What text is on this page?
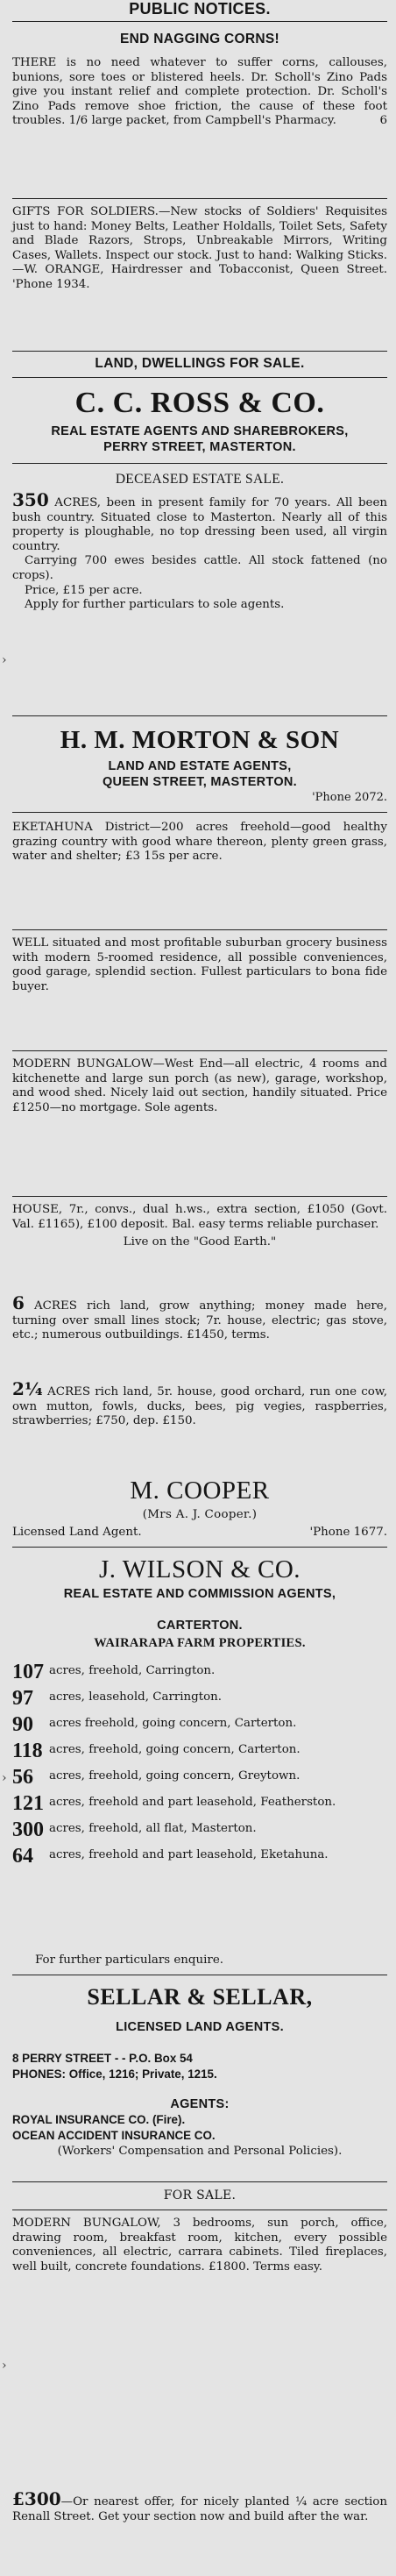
PUBLIC NOTICES.
END NAGGING CORNS!

THERE is no need whatever to suffer corns, callouses, bunions, sore toes or blistered heels. Dr. Scholl's Zino Pads give you instant relief and complete protection. Dr. Scholl's Zino Pads remove shoe friction, the cause of these foot troubles. 1/6 large packet, from Campbell's Pharmacy.	6

GIFTS FOR SOLDIERS.—New stocks of Soldiers' Requisites just to hand: Money Belts, Leather Holdalls, Toilet Sets, Safety and Blade Razors, Strops, Unbreakable Mirrors, Writing Cases, Wallets. Inspect our stock. Just to hand: Walking Sticks.—W. ORANGE, Hairdresser and Tobacconist, Queen Street. 'Phone 1934.

LAND, DWELLINGS FOR SALE.
C. C. ROSS & CO.
REAL ESTATE AGENTS AND SHAREBROKERS,
PERRY STREET, MASTERTON.
DECEASED ESTATE SALE.

350 ACRES, been in present family for 70 years. All been bush country. Situated close to Masterton. Nearly all of this property is ploughable, no top dressing been used, all virgin country.

Carrying 700 ewes besides cattle. All stock fattened (no crops).

Price, £15 per acre.

Apply for further particulars to sole agents.

›
H. M. MORTON & SON
LAND AND ESTATE AGENTS,
QUEEN STREET, MASTERTON.
'Phone 2072.

EKETAHUNA District—200 acres freehold—good healthy grazing country with good whare thereon, plenty green grass, water and shelter; £3 15s per acre.

WELL situated and most profitable suburban grocery business with modern 5-roomed residence, all possible conveniences, good garage, splendid section. Fullest particulars to bona fide buyer.

MODERN BUNGALOW—West End—all electric, 4 rooms and kitchenette and large sun porch (as new), garage, workshop, and wood shed. Nicely laid out section, handily situated. Price £1250—no mortgage. Sole agents.

HOUSE, 7r., convs., dual h.ws., extra section, £1050 (Govt. Val. £1165), £100 deposit. Bal. easy terms reliable purchaser.

Live on the "Good Earth."

6 ACRES rich land, grow anything; money made here, turning over small lines stock; 7r. house, electric; gas stove, etc.; numerous outbuildings. £1450, terms.

2¼ ACRES rich land, 5r. house, good orchard, run one cow, own mutton, fowls, ducks, bees, pig vegies, raspberries, strawberries; £750, dep. £150.

M. COOPER
(Mrs A. J. Cooper.)
Licensed Land Agent.	'Phone 1677.
J. WILSON & CO.
REAL ESTATE AND COMMISSION AGENTS,
CARTERTON.
WAIRARAPA FARM PROPERTIES.
107 acres, freehold, Carrington.
97	acres, leasehold, Carrington.
90	acres freehold, going concern, Carterton.
118 acres, freehold, going concern, Carterton.
56	acres, freehold, going concern, Greytown.
121 acres, freehold and part leasehold, Featherston.
300 acres, freehold, all flat, Masterton.
64	acres, freehold and part leasehold, Eketahuna.
For further particulars enquire.
›
SELLAR & SELLAR,
LICENSED LAND AGENTS.
8 PERRY STREET - - P.O. Box 54
PHONES: Office, 1216; Private, 1215.
AGENTS:
ROYAL INSURANCE CO. (Fire).
OCEAN ACCIDENT INSURANCE CO.
(Workers' Compensation and Personal Policies).
FOR SALE.

MODERN BUNGALOW, 3 bedrooms, sun porch, office, drawing room, breakfast room, kitchen, every possible conveniences, all electric, carrara cabinets. Tiled fireplaces, well built, concrete foundations. £1800. Terms easy.

£300—Or nearest offer, for nicely planted ¼ acre section Renall Street. Get your section now and build after the war.

›
